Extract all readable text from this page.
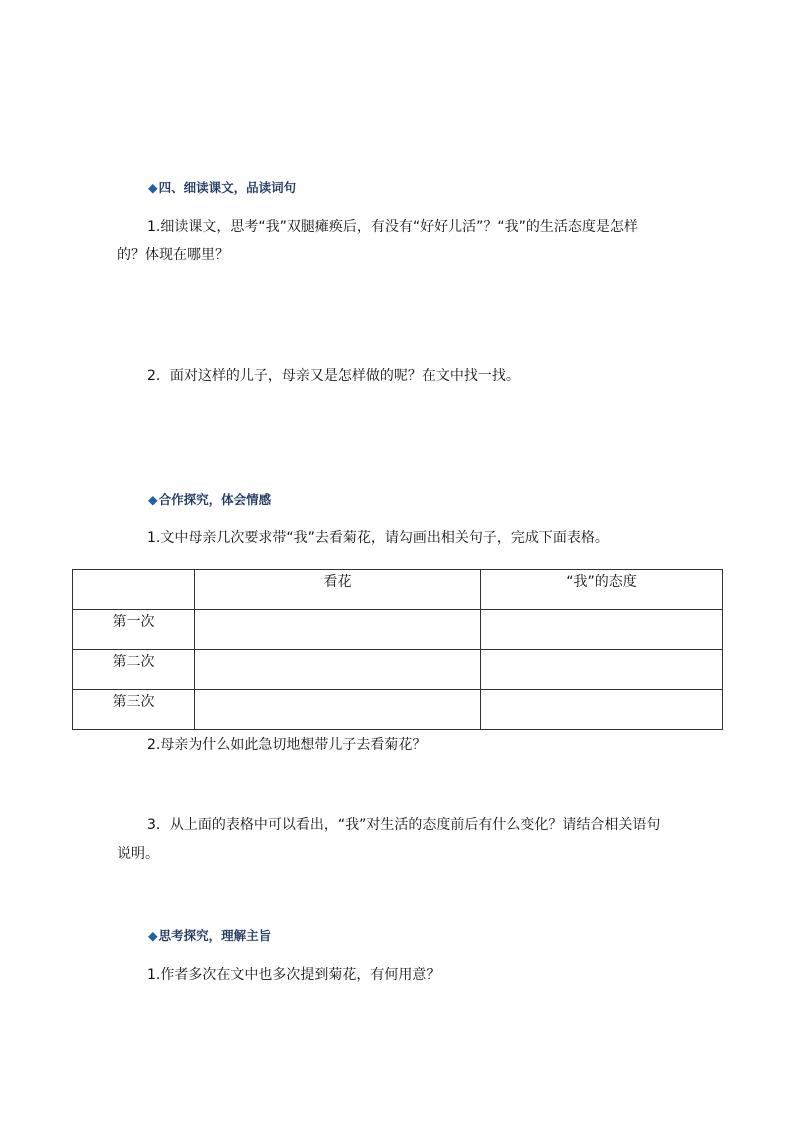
◆四、细读课文，品读词句
1.细读课文，思考“我”双腿瘫痪后，有没有“好好儿活”？“我”的生活态度是怎样
的？体现在哪里？
2．面对这样的儿子，母亲又是怎样做的呢？在文中找一找。
◆合作探究，体会情感
1.文中母亲几次要求带“我”去看菊花，请勾画出相关句子，完成下面表格。
	看花	“我”的态度
第一次		
第二次		
第三次		
2.母亲为什么如此急切地想带儿子去看菊花？
3．从上面的表格中可以看出，“我”对生活的态度前后有什么变化？请结合相关语句
说明。
◆思考探究，理解主旨
1.作者多次在文中也多次提到菊花，有何用意？
